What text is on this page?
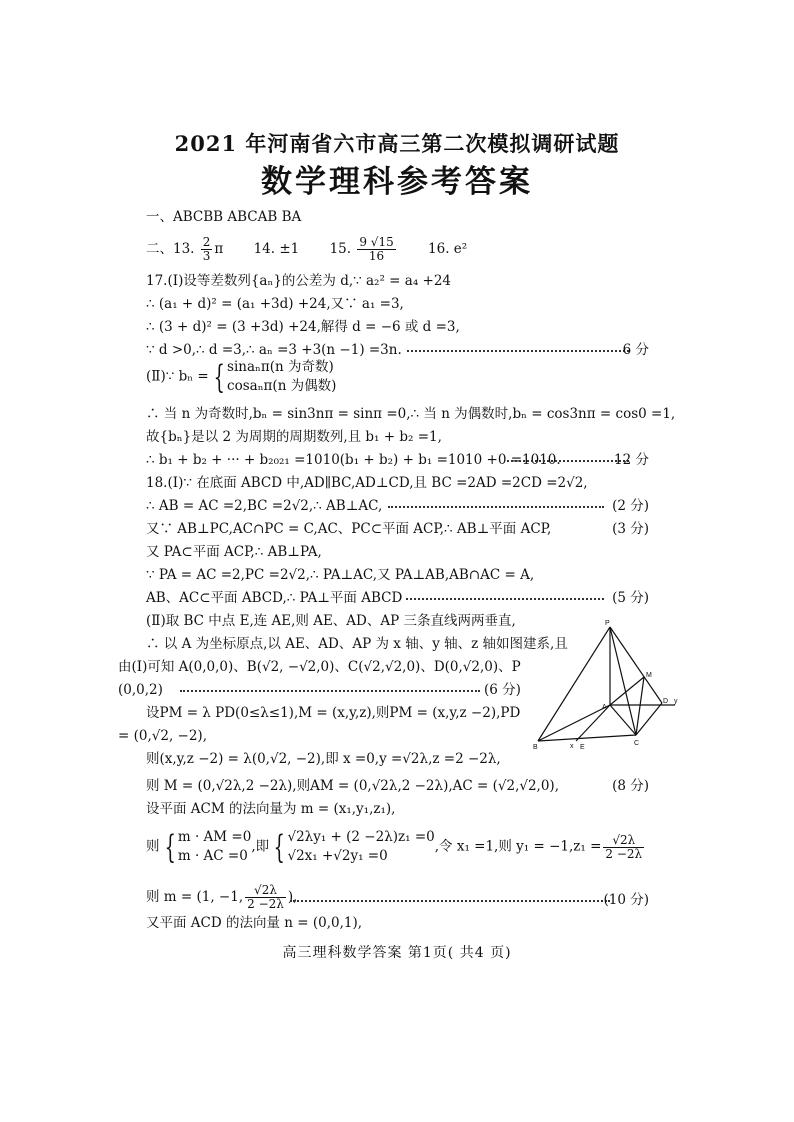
2021 年河南省六市高三第二次模拟调研试题
数学理科参考答案
一、ABCBB ABCAB BA
二、13. $\frac{2}{3}$ π 14. ±1 15. $\frac{9 √15}{16} 16$. e²
17.(Ⅰ)设等差数列{aₙ}的公差为 d,∵ a₂² = a₄ +24
∴ (a₁ + d)² = (a₁ +3d) +24,又∵ a₁ =3,
∴ (3 + d)² = (3 +3d) +24,解得 d = −6 或 d =3,
∵ d >0,∴ d =3,∴ aₙ =3 +3(n −1) =3n.	6 分
(Ⅱ)∵ bₙ = { sinaₙπ(n 为奇数)
cosaₙπ(n 为偶数)
∴ 当 n 为奇数时,bₙ = sin3nπ = sinπ =0,∴ 当 n 为偶数时,bₙ = cos3nπ = cos0 =1,
故{bₙ}是以 2 为周期的周期数列,且 b₁ + b₂ =1,
∴ b₁ + b₂ + ··· + b₂₀₂₁ =1010(b₁ + b₂) + b₁ =1010 +0 =1010.	12 分
18.(Ⅰ)∵ 在底面 ABCD 中,AD∥BC,AD⊥CD,且 BC =2AD =2CD =2√2,
∴ AB = AC =2,BC =2√2,∴ AB⊥AC,	(2 分)
又∵ AB⊥PC,AC∩PC = C,AC、PC⊂平面 ACP,∴ AB⊥平面 ACP,	(3 分)
又 PA⊂平面 ACP,∴ AB⊥PA,
∵ PA = AC =2,PC =2√2,∴ PA⊥AC,又 PA⊥AB,AB∩AC = A,
AB、AC⊂平面 ABCD,∴ PA⊥平面 ABCD	(5 分)
(Ⅱ)取 BC 中点 E,连 AE,则 AE、AD、AP 三条直线两两垂直,
∴ 以 A 为坐标原点,以 AE、AD、AP 为 x 轴、y 轴、z 轴如图建系,且
由(Ⅰ)可知 A(0,0,0)、B(√2, −√2,0)、C(√2,√2,0)、D(0,√2,0)、P
(0,0,2)	(6 分)
设PM = λ PD(0≤λ≤1),M = (x,y,z),则PM = (x,y,z −2),PD
= (0,√2, −2),
则(x,y,z −2) = λ(0,√2, −2),即 x =0,y =√2λ,z =2 −2λ,
则 M = (0,√2λ,2 −2λ),则AM = (0,√2λ,2 −2λ),AC = (√2,√2,0),	(8 分)
设平面 ACM 的法向量为 m = (x₁,y₁,z₁),
则 { m · AM =0
m · AC =0
,即 { √2λy₁ + (2 −2λ)z₁ =0
√2x₁ +√2y₁ =0
,令 x₁ =1,则 $y_1 = -1,z_1 = \frac{√2\lambda}{2 -2\lambda}$
则 m = (1, −1, $\frac{√2\lambda}{2 -2\lambda}$ ),	(10 分)
又平面 ACD 的法向量 n = (0,0,1),
高三理科数学答案 第1页( 共4 页)
P
M
A
D y
B	E
C
x
